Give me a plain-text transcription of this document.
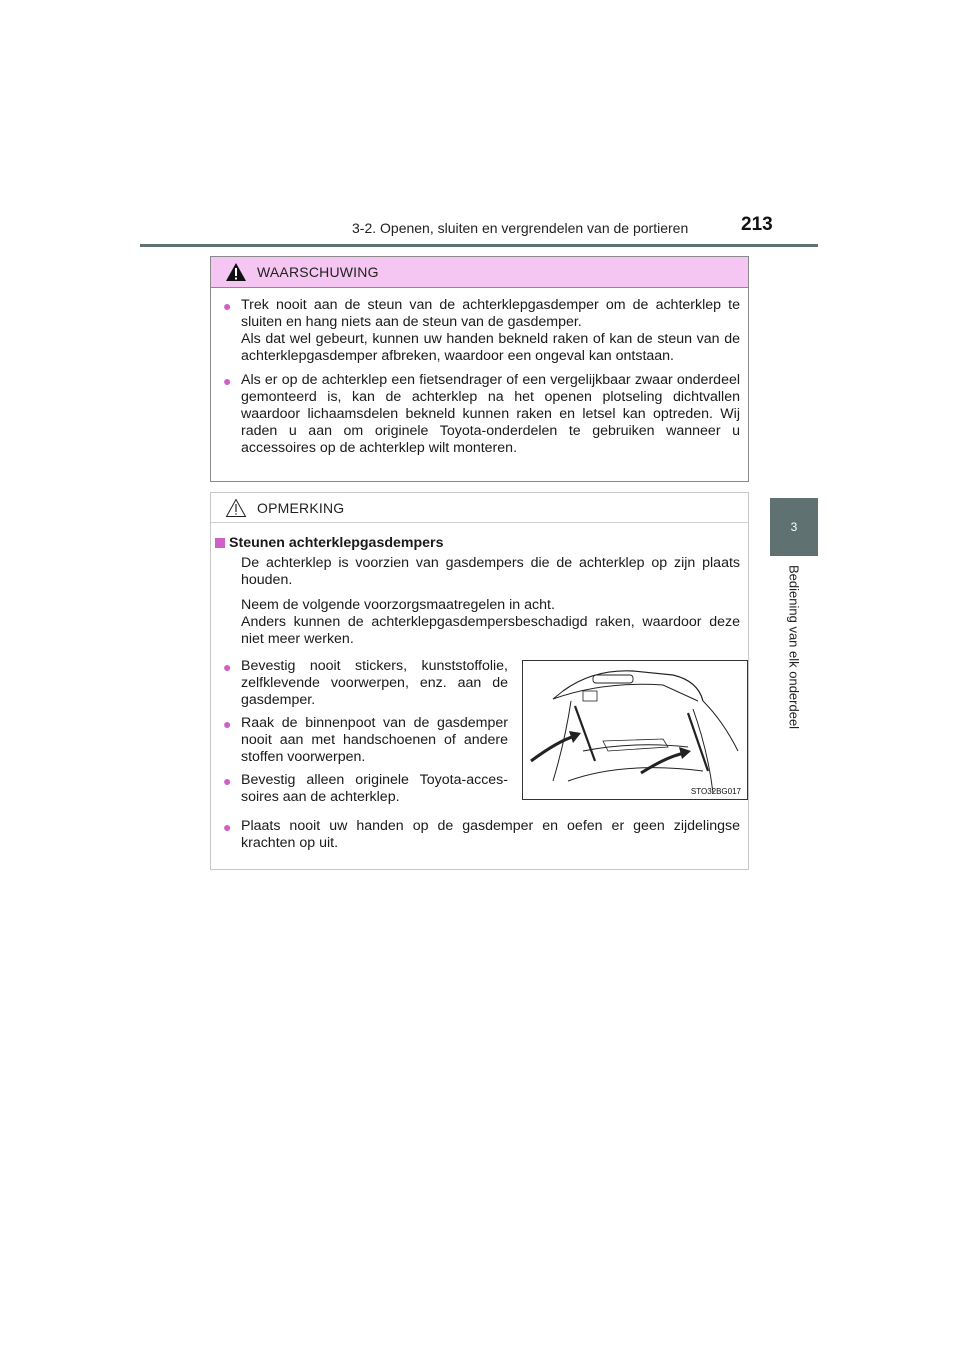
3-2. Openen, sluiten en vergrendelen van de portieren	213
3
Bediening van elk onderdeel
WAARSCHUWING
● Trek nooit aan de steun van de achterklepgasdemper om de achterklep te sluiten en hang niets aan de steun van de gasdemper.

Als dat wel gebeurt, kunnen uw handen bekneld raken of kan de steun van de achterklepgasdemper afbreken, waardoor een ongeval kan ontstaan.

● Als er op de achterklep een fietsendrager of een vergelijkbaar zwaar onderdeel gemonteerd is, kan de achterklep na het openen plotseling dichtvallen waardoor lichaamsdelen bekneld kunnen raken en letsel kan optreden. Wij raden u aan om originele Toyota-onderdelen te gebruiken wanneer u accessoires op de achterklep wilt monteren.

OPMERKING
Steunen achterklepgasdempers

De achterklep is voorzien van gasdempers die de achterklep op zijn plaats houden.

Neem de volgende voorzorgsmaatregelen in acht.

Anders kunnen de achterklepgasdempersbeschadigd raken, waardoor deze niet meer werken.

● Bevestig nooit stickers, kunststoffolie, zelfklevende voorwerpen, enz. aan de gasdemper.

● Raak de binnenpoot van de gasdemper nooit aan met handschoenen of andere stoffen voorwerpen.

● Bevestig alleen originele Toyota-acces-soires aan de achterklep.	STO32BG017
● Plaats nooit uw handen op de gasdemper en oefen er geen zijdelingse krachten op uit.
